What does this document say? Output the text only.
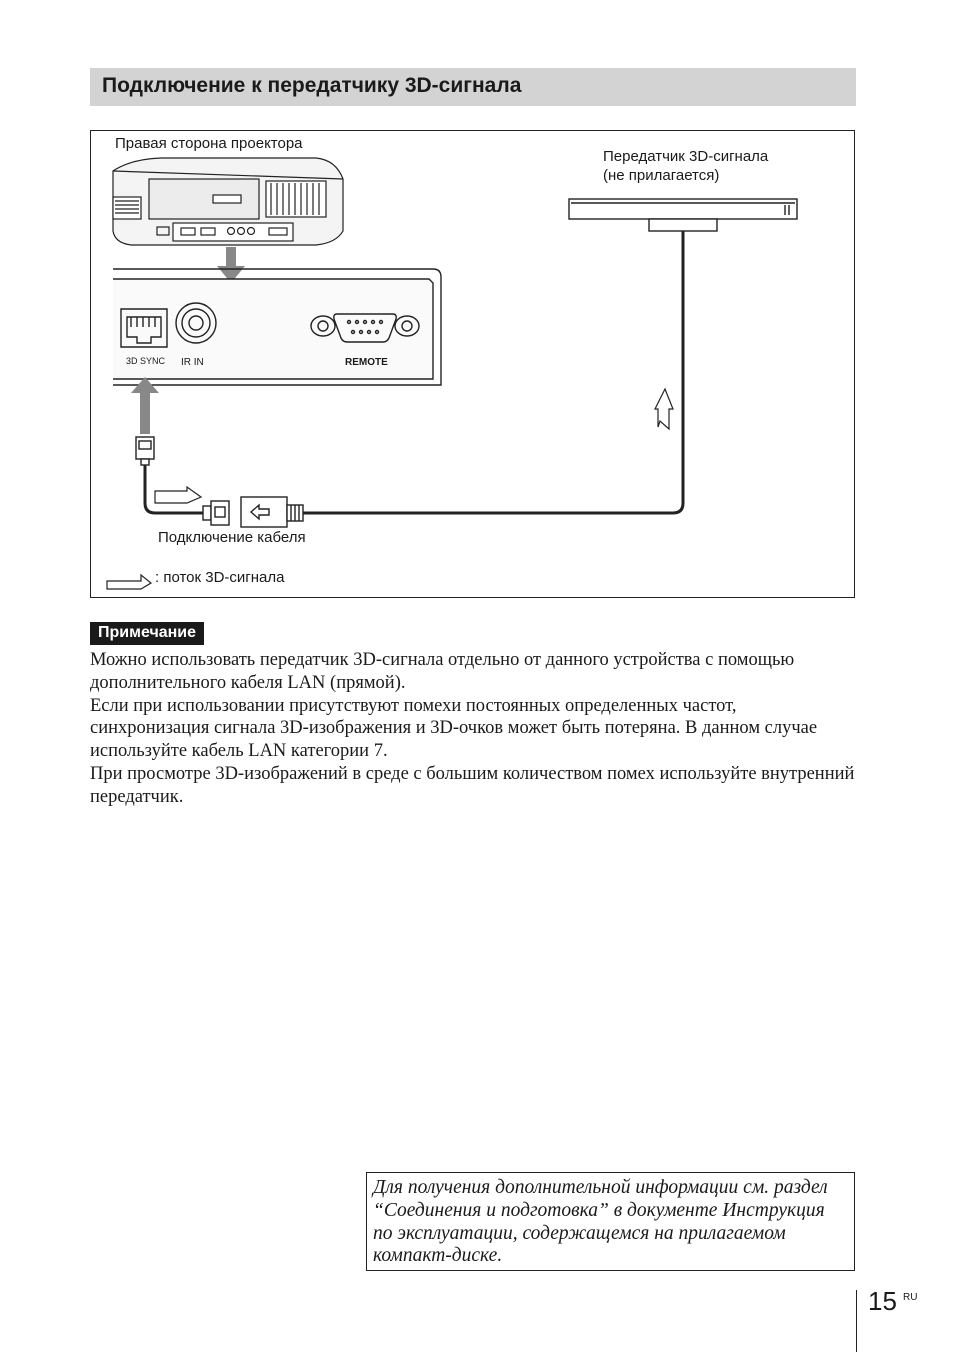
Подключение к передатчику 3D-сигнала
Правая сторона проектора
Передатчик 3D-сигнала
(не прилагается)
3D SYNC IR IN	REMOTE
Подключение кабеля
: поток 3D-сигнала
Примечание

Можно использовать передатчик 3D-сигнала отдельно от данного устройства с помощью дополнительного кабеля LAN (прямой).

Если при использовании присутствуют помехи постоянных определенных частот, синхронизация сигнала 3D-изображения и 3D-очков может быть потеряна. В данном случае используйте кабель LAN категории 7.

При просмотре 3D-изображений в среде с большим количеством помех используйте внутренний передатчик.

Для получения дополнительной информации см. раздел “Соединения и подготовка” в документе Инструкция по эксплуатации, содержащемся на прилагаемом компакт-диске.
15 RU
